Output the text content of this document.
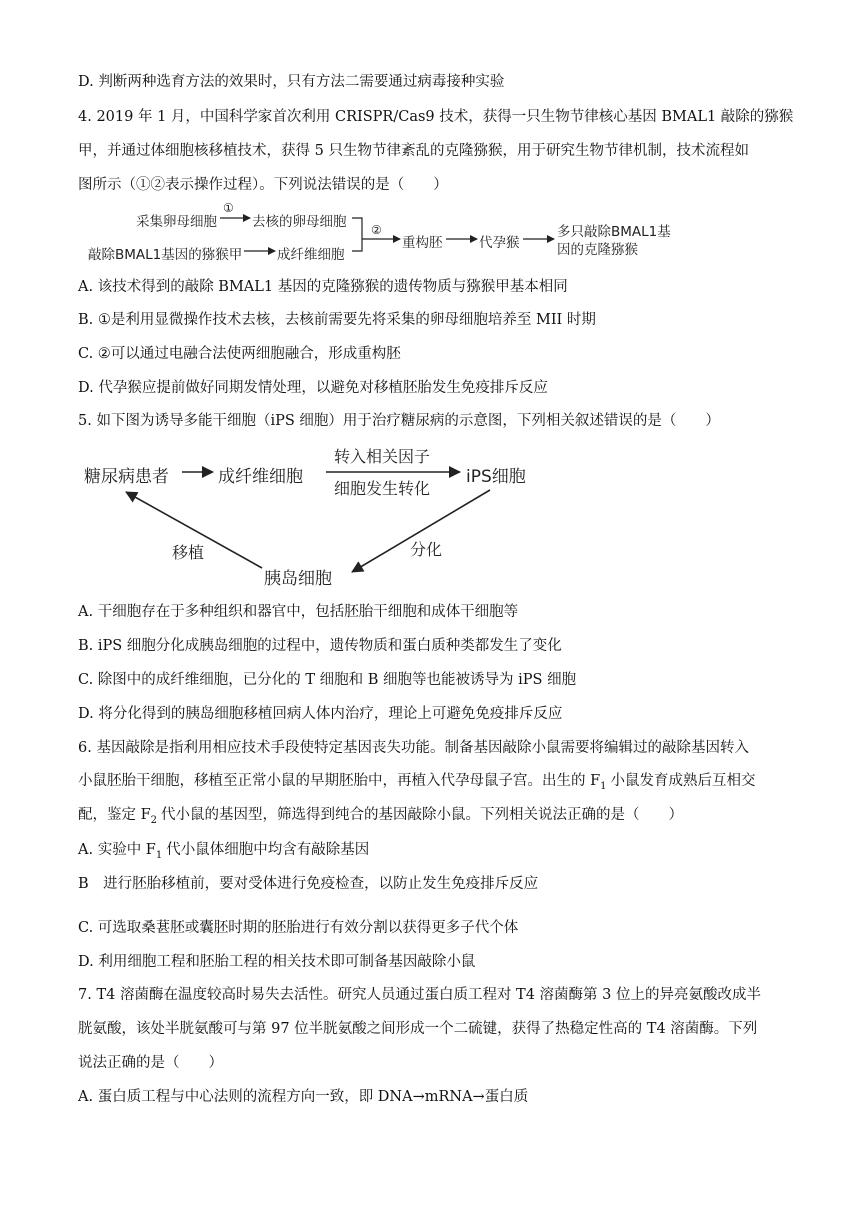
D. 判断两种选育方法的效果时，只有方法二需要通过病毒接种实验
4. 2019 年 1 月，中国科学家首次利用 CRISPR/Cas9 技术，获得一只生物节律核心基因 BMAL1 敲除的猕猴
甲，并通过体细胞核移植技术，获得 5 只生物节律紊乱的克隆猕猴，用于研究生物节律机制，技术流程如
图所示（①②表示操作过程）。下列说法错误的是（　　）
采集卵母细胞
①
去核的卵母细胞
敲除BMAL1基因的猕猴甲	成纤维细胞
②
重构胚	代孕猴
多只敲除BMAL1基
因的克隆猕猴
A. 该技术得到的敲除 BMAL1 基因的克隆猕猴的遗传物质与猕猴甲基本相同
B. ①是利用显微操作技术去核，去核前需要先将采集的卵母细胞培养至 MII 时期
C. ②可以通过电融合法使两细胞融合，形成重构胚
D. 代孕猴应提前做好同期发情处理，以避免对移植胚胎发生免疫排斥反应
5. 如下图为诱导多能干细胞（iPS 细胞）用于治疗糖尿病的示意图，下列相关叙述错误的是（　　）
糖尿病患者	成纤维细胞
转入相关因子
细胞发生转化
iPS细胞
分化
胰岛细胞
移植
A. 干细胞存在于多种组织和器官中，包括胚胎干细胞和成体干细胞等
B. iPS 细胞分化成胰岛细胞的过程中，遗传物质和蛋白质种类都发生了变化
C. 除图中的成纤维细胞，已分化的 T 细胞和 B 细胞等也能被诱导为 iPS 细胞
D. 将分化得到的胰岛细胞移植回病人体内治疗，理论上可避免免疫排斥反应
6. 基因敲除是指利用相应技术手段使特定基因丧失功能。制备基因敲除小鼠需要将编辑过的敲除基因转入
小鼠胚胎干细胞，移植至正常小鼠的早期胚胎中，再植入代孕母鼠子宫。出生的 $F_1$ 小鼠发育成熟后互相交
配，鉴定 $F_2$ 代小鼠的基因型，筛选得到纯合的基因敲除小鼠。下列相关说法正确的是（　　）
A. 实验中 $F_1$ 代小鼠体细胞中均含有敲除基因
B　进行胚胎移植前，要对受体进行免疫检查，以防止发生免疫排斥反应
C. 可选取桑葚胚或囊胚时期的胚胎进行有效分割以获得更多子代个体
D. 利用细胞工程和胚胎工程的相关技术即可制备基因敲除小鼠
7. T4 溶菌酶在温度较高时易失去活性。研究人员通过蛋白质工程对 T4 溶菌酶第 3 位上的异亮氨酸改成半
胱氨酸，该处半胱氨酸可与第 97 位半胱氨酸之间形成一个二硫键，获得了热稳定性高的 T4 溶菌酶。下列
说法正确的是（　　）
A. 蛋白质工程与中心法则的流程方向一致，即 DNA→mRNA→蛋白质
